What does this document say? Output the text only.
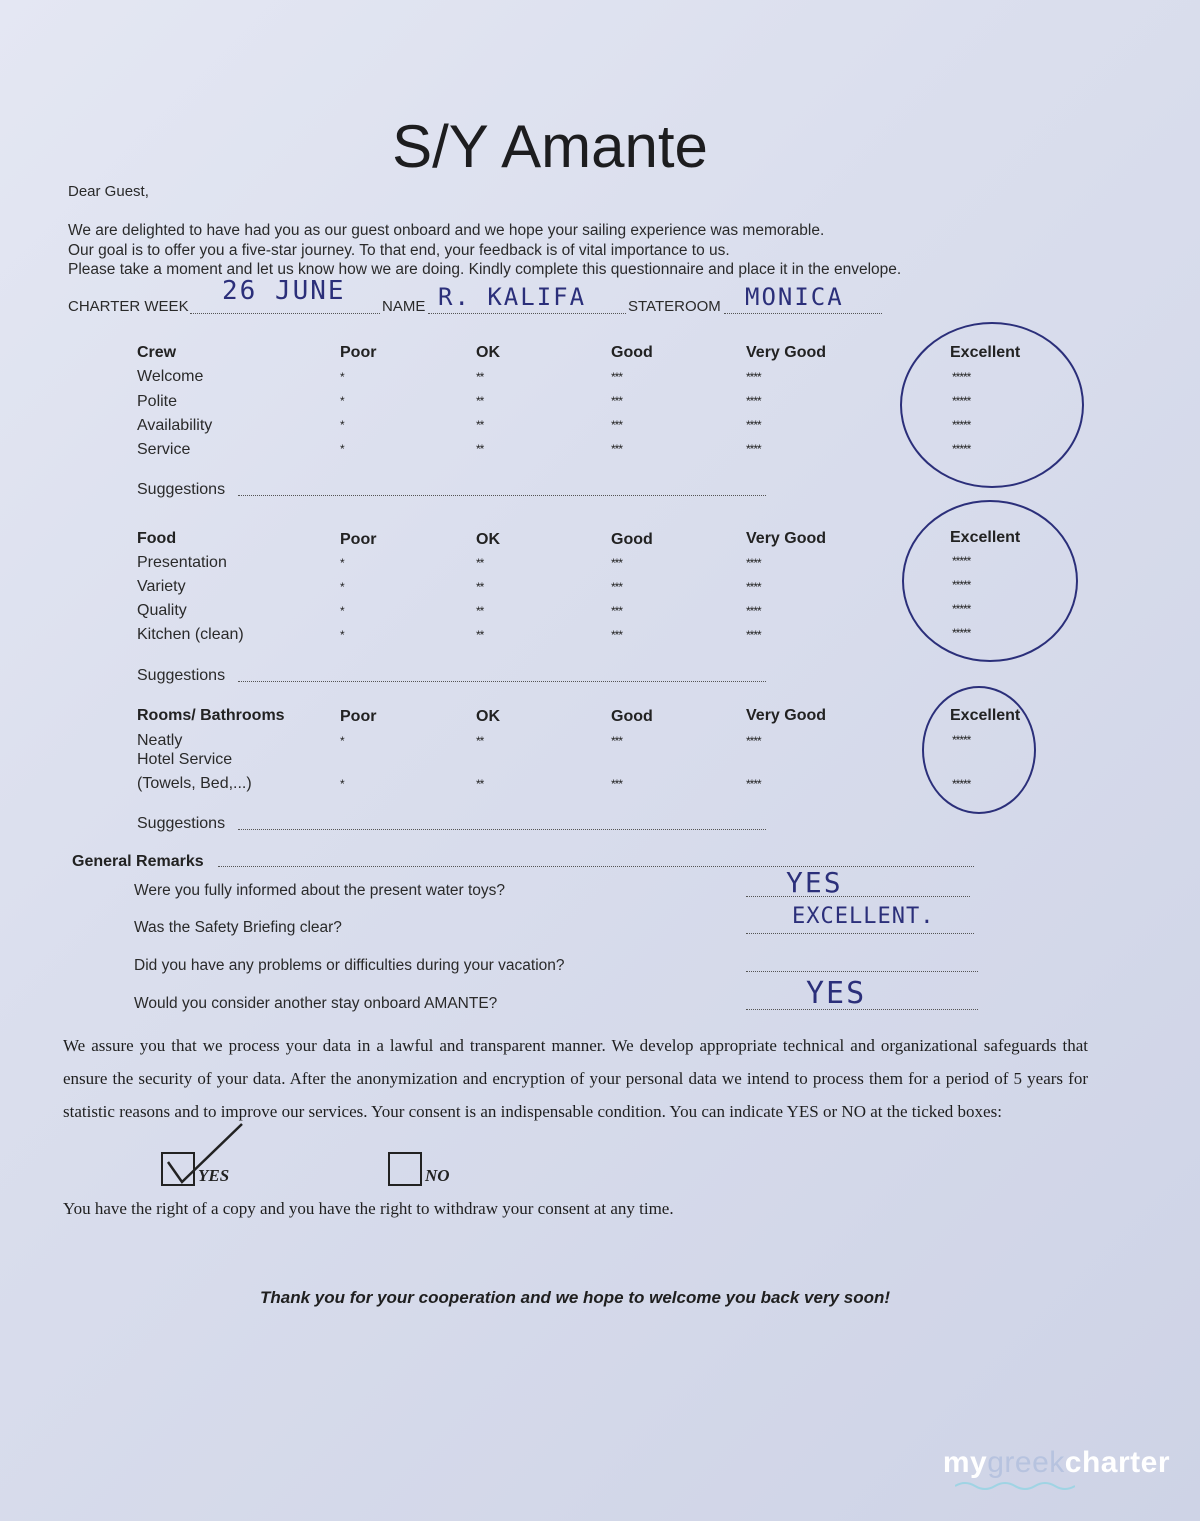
S/Y Amante
Dear Guest,
We are delighted to have had you as our guest onboard and we hope your sailing experience was memorable.
Our goal is to offer you a five-star journey. To that end, your feedback is of vital importance to us.
Please take a moment and let us know how we are doing. Kindly complete this questionnaire and place it in the envelope.
CHARTER WEEK
26 JUNE
NAME R. KALIFA	STATEROOM MONICA
Crew	Poor	OK	Good	Very Good	Excellent
Welcome	*	**	***	****	*****
Polite	*	**	***	****	*****
Availability	*	**	***	****	*****
Service	*	**	***	****	*****
Suggestions
Food	Poor	OK	Good	Very Good	Excellent
Presentation	*	**	***	****	*****
Variety	*	**	***	****	*****
Quality	*	**	***	****	*****
Kitchen (clean)	*	**	***	****	*****
Suggestions
Rooms/ Bathrooms	Poor	OK	Good	Very Good	Excellent
Neatly	*	**	***	****	*****
Hotel Service
(Towels, Bed,...)	*	**	***	****	*****
Suggestions
General Remarks
Were you fully informed about the present water toys?	YES
Was the Safety Briefing clear?	EXCELLENT.
Did you have any problems or difficulties during your vacation?
Would you consider another stay onboard AMANTE?	YES
We assure you that we process your data in a lawful and transparent manner. We develop appropriate technical and organizational safeguards that ensure the security of your data. After the anonymization and encryption of your personal data we intend to process them for a period of 5 years for statistic reasons and to improve our services. Your consent is an indispensable condition. You can indicate YES or NO at the ticked boxes:
YES	NO
You have the right of a copy and you have the right to withdraw your consent at any time.
Thank you for your cooperation and we hope to welcome you back very soon!
mygreekcharter
